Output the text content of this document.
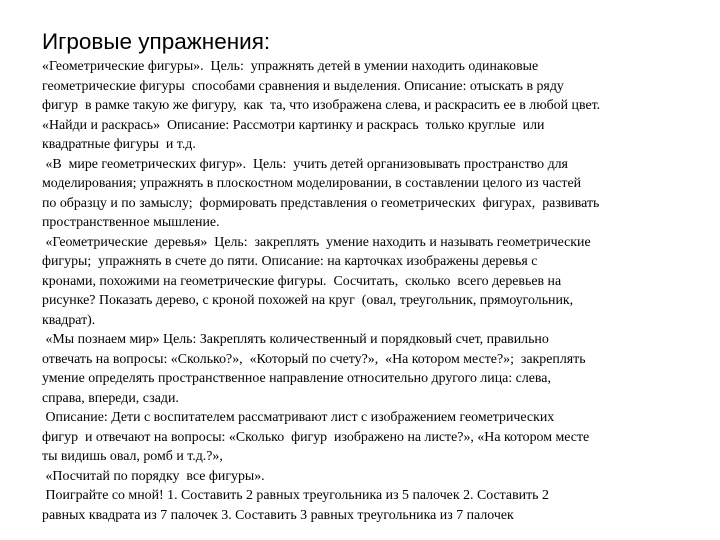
Игровые упражнения:
«Геометрические фигуры».  Цель:  упражнять детей в умении находить одинаковые
геометрические фигуры  способами сравнения и выделения. Описание: отыскать в ряду
фигур  в рамке такую же фигуру,  как  та, что изображена слева, и раскрасить ее в любой цвет.
«Найди и раскрась»  Описание: Рассмотри картинку и раскрась  только круглые  или
квадратные фигуры  и т.д.
«В  мире геометрических фигур».  Цель:  учить детей организовывать пространство для
моделирования; упражнять в плоскостном моделировании, в составлении целого из частей
по образцу и по замыслу;  формировать представления о геометрических  фигурах,  развивать
пространственное мышление.
«Геометрические  деревья»  Цель:  закреплять  умение находить и называть геометрические
фигуры;  упражнять в счете до пяти. Описание: на карточках изображены деревья с
кронами, похожими на геометрические фигуры.  Сосчитать,  сколько  всего деревьев на
рисунке? Показать дерево, с кроной похожей на круг  (овал, треугольник, прямоугольник,
квадрат).
«Мы познаем мир» Цель: Закреплять количественный и порядковый счет, правильно
отвечать на вопросы: «Сколько?»,  «Который по счету?»,  «На котором месте?»;  закреплять
умение определять пространственное направление относительно другого лица: слева,
справа, впереди, сзади.
Описание: Дети с воспитателем рассматривают лист с изображением геометрических
фигур  и отвечают на вопросы: «Сколько  фигур  изображено на листе?», «На котором месте
ты видишь овал, ромб и т.д.?»,
«Посчитай по порядку  все фигуры».
Поиграйте со мной! 1. Составить 2 равных треугольника из 5 палочек 2. Составить 2
равных квадрата из 7 палочек 3. Составить 3 равных треугольника из 7 палочек
